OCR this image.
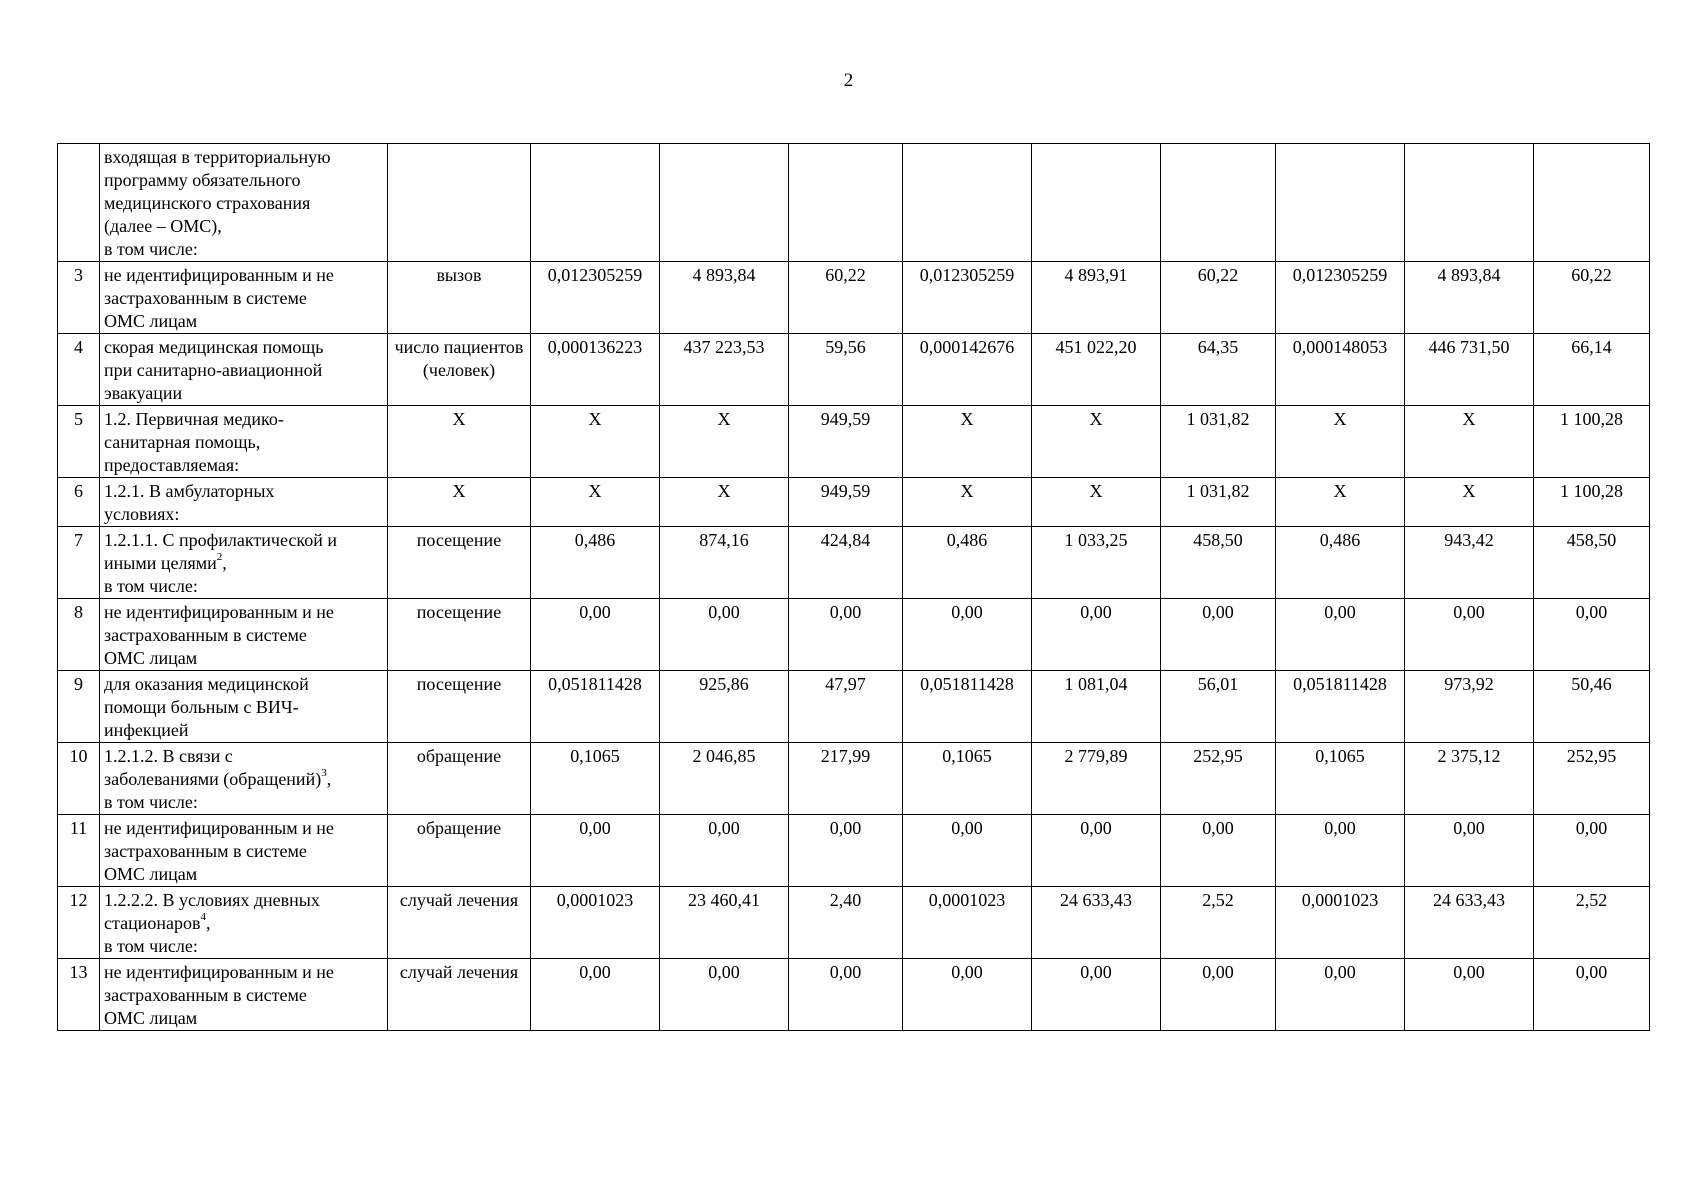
2

	входящая в территориальную
программу обязательного
медицинского страхования
(далее – ОМС),
в том числе:										

3	не идентифицированным и не
застрахованным в системе
ОМС лицам	вызов	0,012305259	4 893,84	60,22	0,012305259	4 893,91	60,22	0,012305259	4 893,84	60,22
4	скорая медицинская помощь
при санитарно-авиационной
эвакуации	число пациентов (человек)	0,000136223	437 223,53	59,56	0,000142676	451 022,20	64,35	0,000148053	446 731,50	66,14
5	1.2. Первичная медико-
санитарная помощь,
предоставляемая:	Х	Х	Х	949,59	Х	Х	1 031,82	Х	Х	1 100,28
6	1.2.1. В амбулаторных
условиях:	Х	Х	Х	949,59	Х	Х	1 031,82	Х	Х	1 100,28
7	1.2.1.1. С профилактической и
иными целями$^2$,
в том числе:	посещение	0,486	874,16	424,84	0,486	1 033,25	458,50	0,486	943,42	458,50
8	не идентифицированным и не
застрахованным в системе
ОМС лицам	посещение	0,00	0,00	0,00	0,00	0,00	0,00	0,00	0,00	0,00
9	для оказания медицинской
помощи больным с ВИЧ-
инфекцией	посещение	0,051811428	925,86	47,97	0,051811428	1 081,04	56,01	0,051811428	973,92	50,46
10	1.2.1.2. В связи с
заболеваниями (обращений)$^3$,
в том числе:	обращение	0,1065	2 046,85	217,99	0,1065	2 779,89	252,95	0,1065	2 375,12	252,95
11	не идентифицированным и не
застрахованным в системе
ОМС лицам	обращение	0,00	0,00	0,00	0,00	0,00	0,00	0,00	0,00	0,00
12	1.2.2.2. В условиях дневных
стационаров$^4$,
в том числе:	случай лечения	0,0001023	23 460,41	2,40	0,0001023	24 633,43	2,52	0,0001023	24 633,43	2,52
13	не идентифицированным и не
застрахованным в системе
ОМС лицам	случай лечения	0,00	0,00	0,00	0,00	0,00	0,00	0,00	0,00	0,00
